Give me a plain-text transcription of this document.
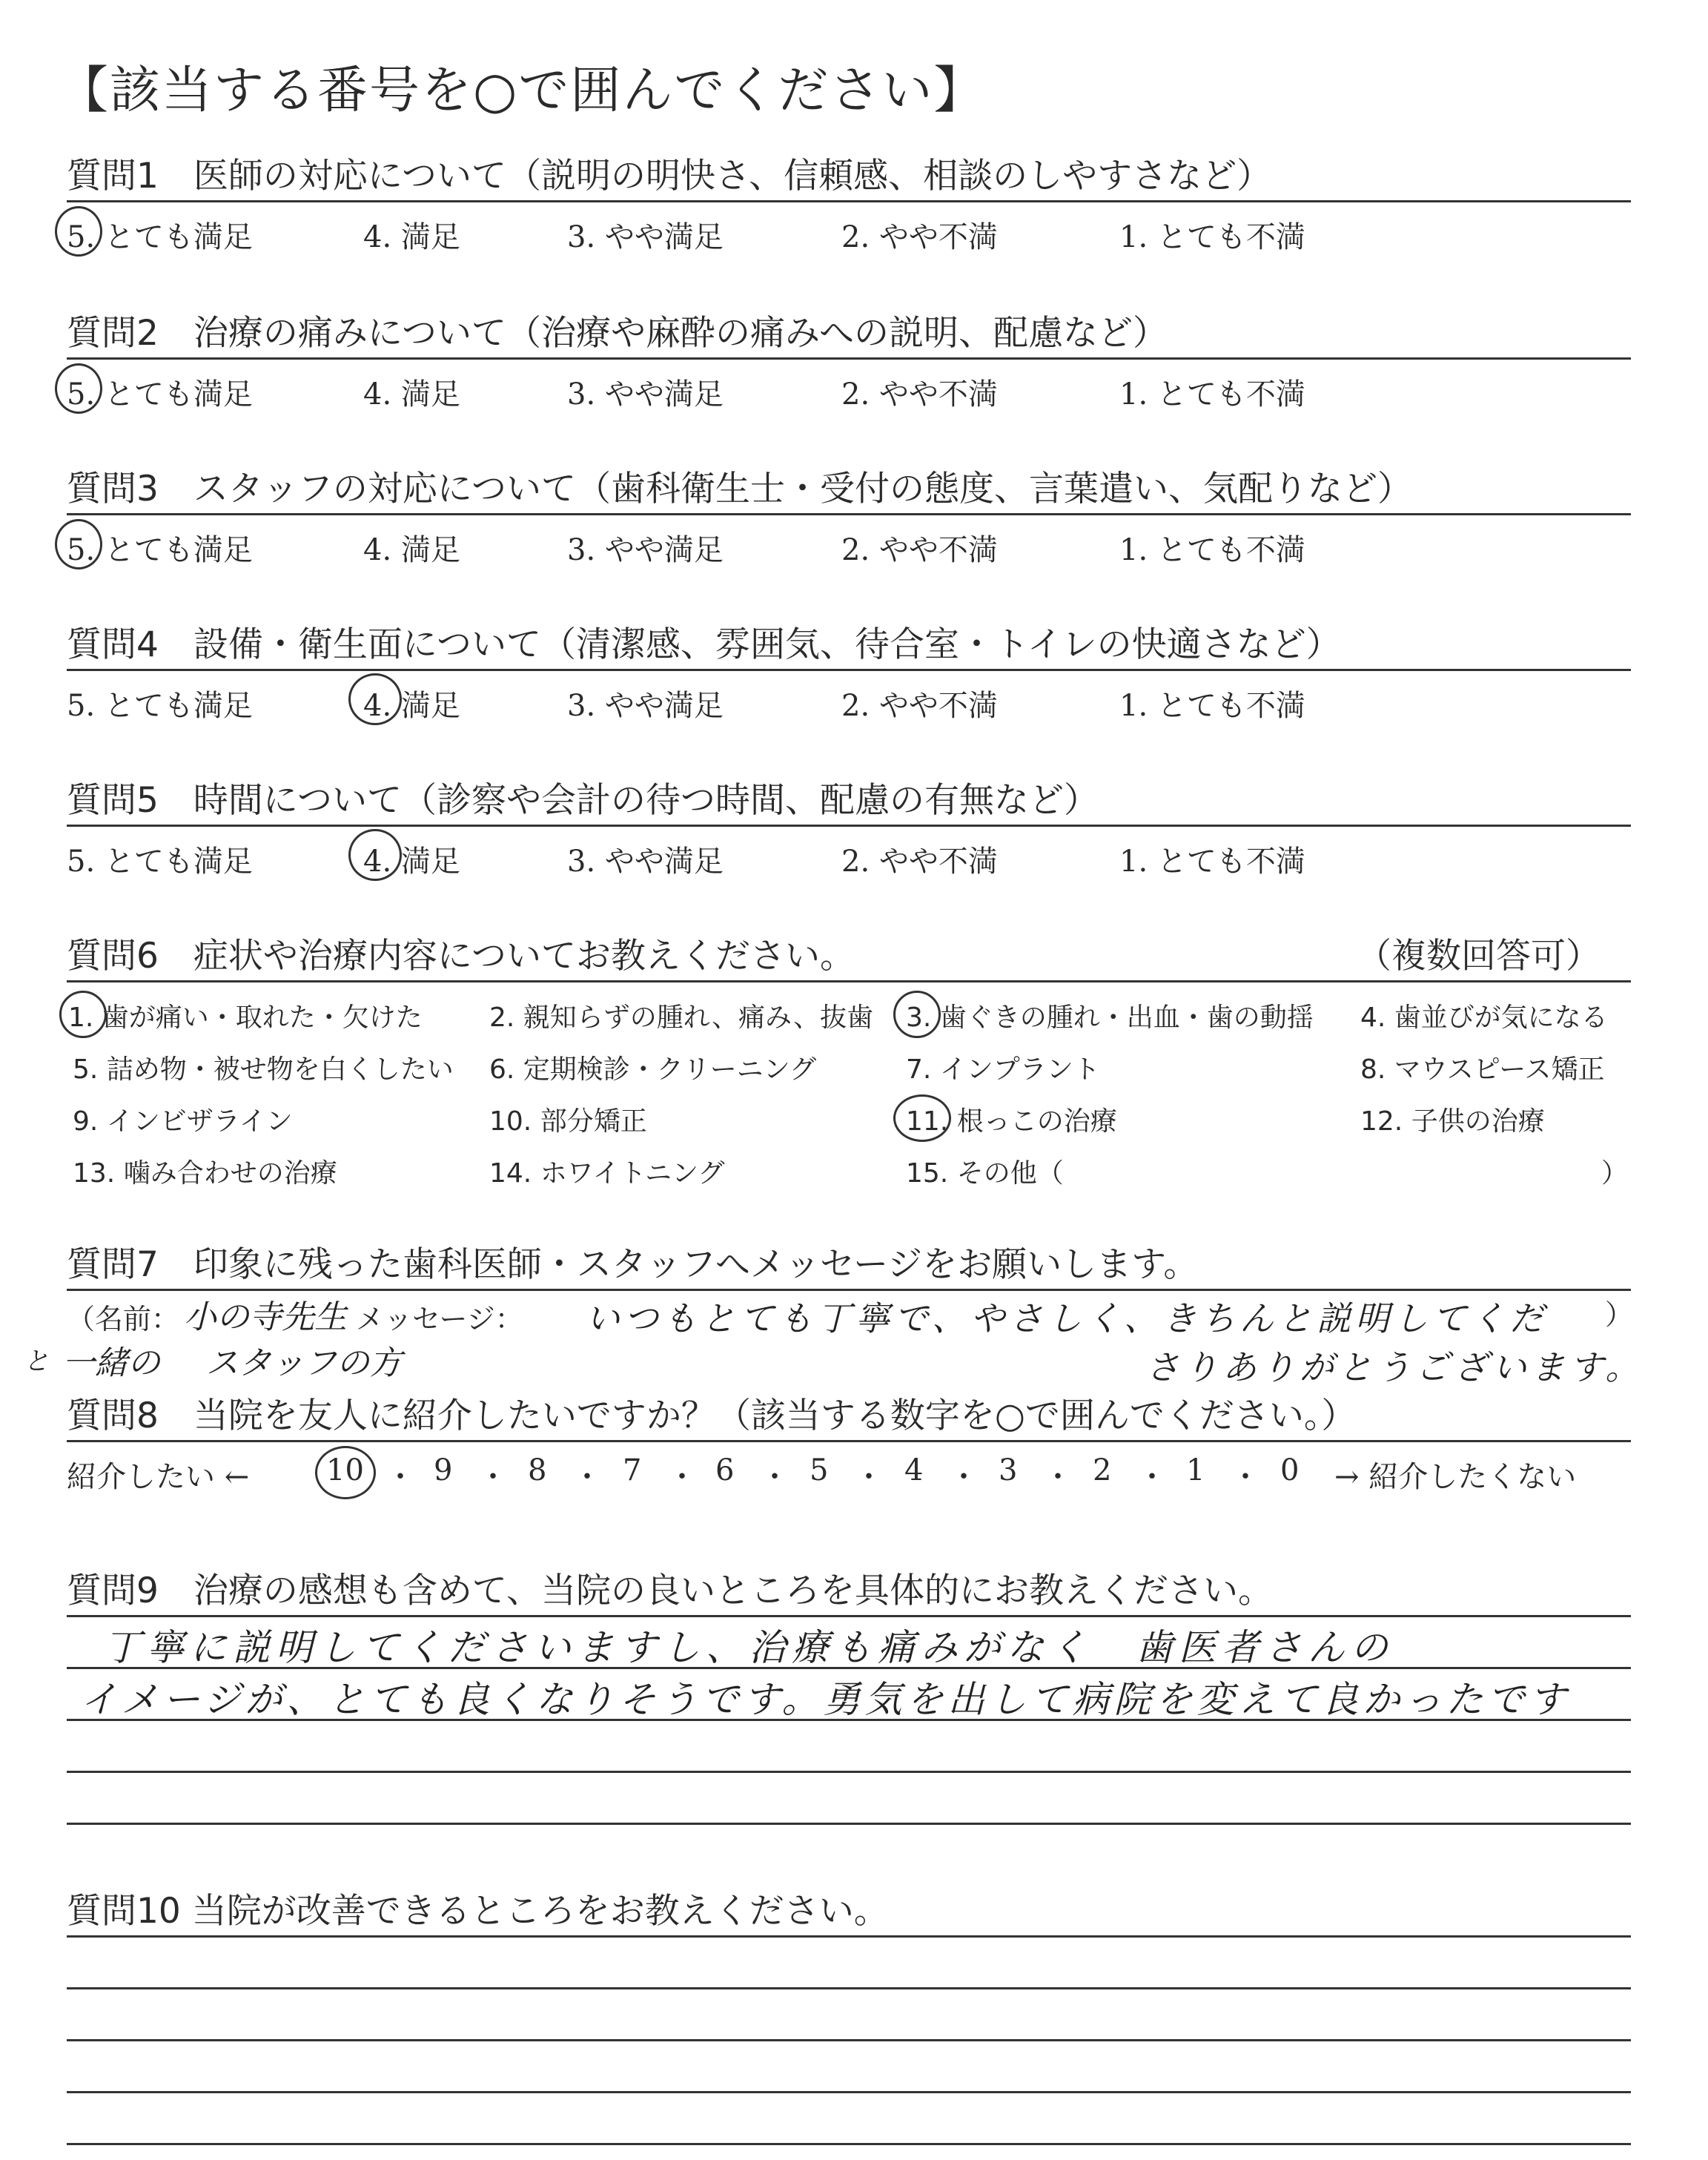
【該当する番号を○で囲んでください】
質問1　医師の対応について（説明の明快さ、信頼感、相談のしやすさなど）
5. とても満足	4. 満足	3. やや満足	2. やや不満	1. とても不満
質問2　治療の痛みについて（治療や麻酔の痛みへの説明、配慮など）
5. とても満足	4. 満足	3. やや満足	2. やや不満	1. とても不満
質問3　スタッフの対応について（歯科衛生士・受付の態度、言葉遣い、気配りなど）
5. とても満足	4. 満足	3. やや満足	2. やや不満	1. とても不満
質問4　設備・衛生面について（清潔感、雰囲気、待合室・トイレの快適さなど）
5. とても満足	4. 満足	3. やや満足	2. やや不満	1. とても不満
質問5　時間について（診察や会計の待つ時間、配慮の有無など）
5. とても満足	4. 満足	3. やや満足	2. やや不満	1. とても不満
質問6　症状や治療内容についてお教えください。	（複数回答可）
1. 歯が痛い・取れた・欠けた	2. 親知らずの腫れ、痛み、抜歯 3. 歯ぐきの腫れ・出血・歯の動揺 4. 歯並びが気になる
5. 詰め物・被せ物を白くしたい 6. 定期検診・クリーニング	7. インプラント	8. マウスピース矯正
9. インビザライン	10. 部分矯正	11. 根っこの治療	12. 子供の治療
13. 噛み合わせの治療	14. ホワイトニング	15. その他（	）
質問7　印象に残った歯科医師・スタッフへメッセージをお願いします。
（名前： 小の寺先生 メッセージ： いつもとても丁寧で、やさしく、きちんと説明してくだ ）
と 一緒の スタッフの方	さりありがとうございます。
質問8　当院を友人に紹介したいですか？（該当する数字を○で囲んでください。）
紹介したい ←	10 ・ 9 ・ 8 ・ 7 ・ 6 ・ 5 ・ 4 ・ 3 ・ 2 ・ 1 ・ 0 → 紹介したくない
質問9　治療の感想も含めて、当院の良いところを具体的にお教えください。
丁寧に説明してくださいますし、治療も痛みがなく　歯医者さんの
イメージが、とても良くなりそうです。勇気を出して病院を変えて良かったです
質問10 当院が改善できるところをお教えください。
